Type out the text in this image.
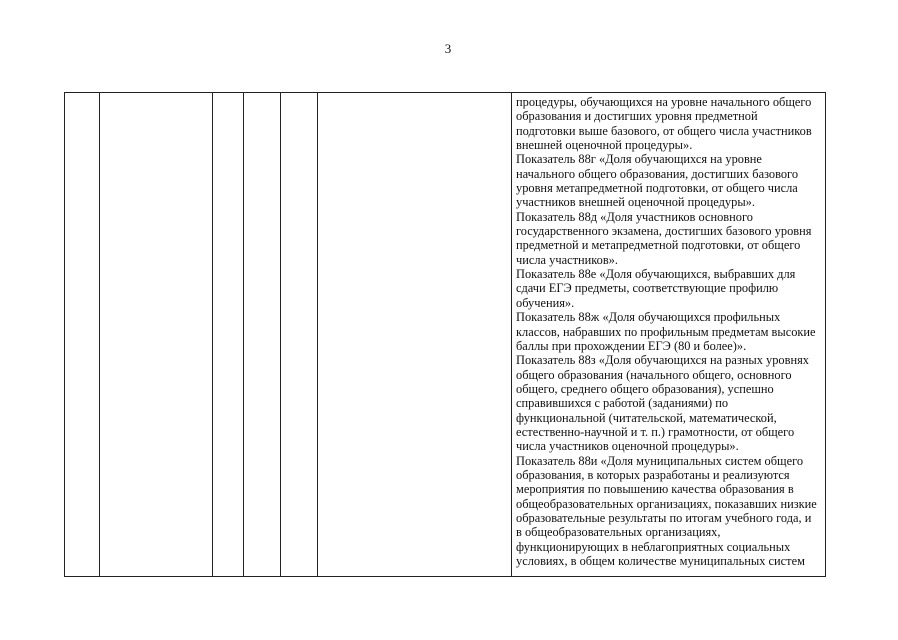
3

процедуры, обучающихся на уровне начального общего
образования и достигших уровня предметной
подготовки выше базового, от общего числа участников
внешней оценочной процедуры».
Показатель 88г «Доля обучающихся на уровне
начального общего образования, достигших базового
уровня метапредметной подготовки, от общего числа
участников внешней оценочной процедуры».
Показатель 88д «Доля участников основного
государственного экзамена, достигших базового уровня
предметной и метапредметной подготовки, от общего
числа участников».
Показатель 88е «Доля обучающихся, выбравших для
сдачи ЕГЭ предметы, соответствующие профилю
обучения».
Показатель 88ж «Доля обучающихся профильных
классов, набравших по профильным предметам высокие
баллы при прохождении ЕГЭ (80 и более)».
Показатель 88з «Доля обучающихся на разных уровнях
общего образования (начального общего, основного
общего, среднего общего образования), успешно
справившихся с работой (заданиями) по
функциональной (читательской, математической,
естественно-научной и т. п.) грамотности, от общего
числа участников оценочной процедуры».
Показатель 88и «Доля муниципальных систем общего
образования, в которых разработаны и реализуются
мероприятия по повышению качества образования в
общеобразовательных организациях, показавших низкие
образовательные результаты по итогам учебного года, и
в общеобразовательных организациях,
функционирующих в неблагоприятных социальных
условиях, в общем количестве муниципальных систем
